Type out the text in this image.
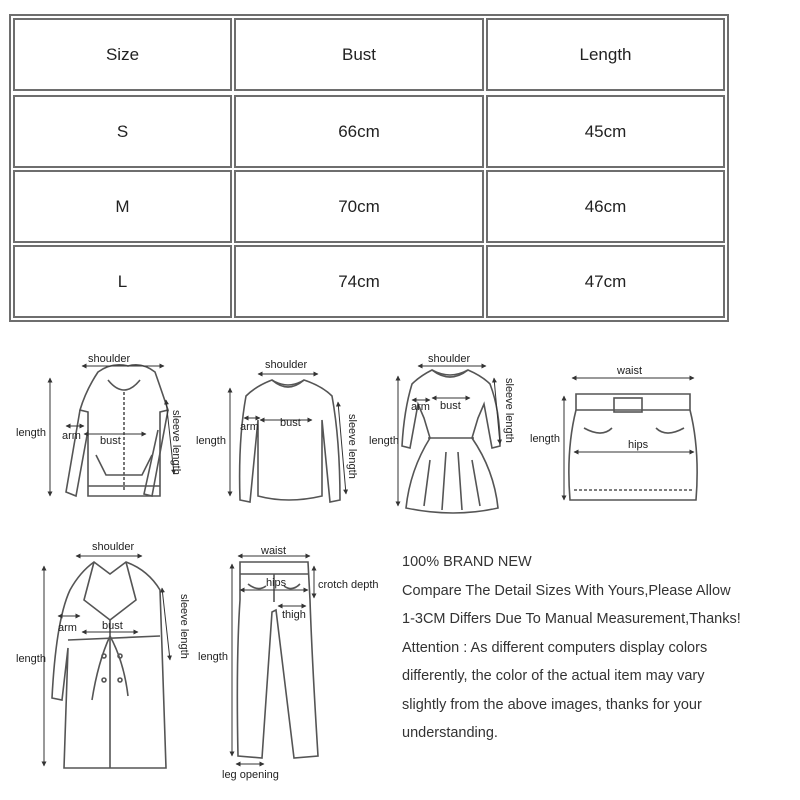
Size	Bust	Length
S	66cm	45cm
M	70cm	46cm
L	74cm	47cm
shoulder
length arm bust	sleeve length
shoulder
length
arm bust	sleeve length
shoulder
length
arm bust	sleeve length
waist
length	hips
shoulder
length
arm bust	sleeve length
waist
hips	crotch depth
thigh
length
leg opening
100% BRAND NEW
Compare The Detail Sizes With Yours,Please Allow
1-3CM Differs Due To Manual Measurement,Thanks!
Attention : As different computers display colors
differently, the color of the actual item may vary
slightly from the above images, thanks for your
understanding.
